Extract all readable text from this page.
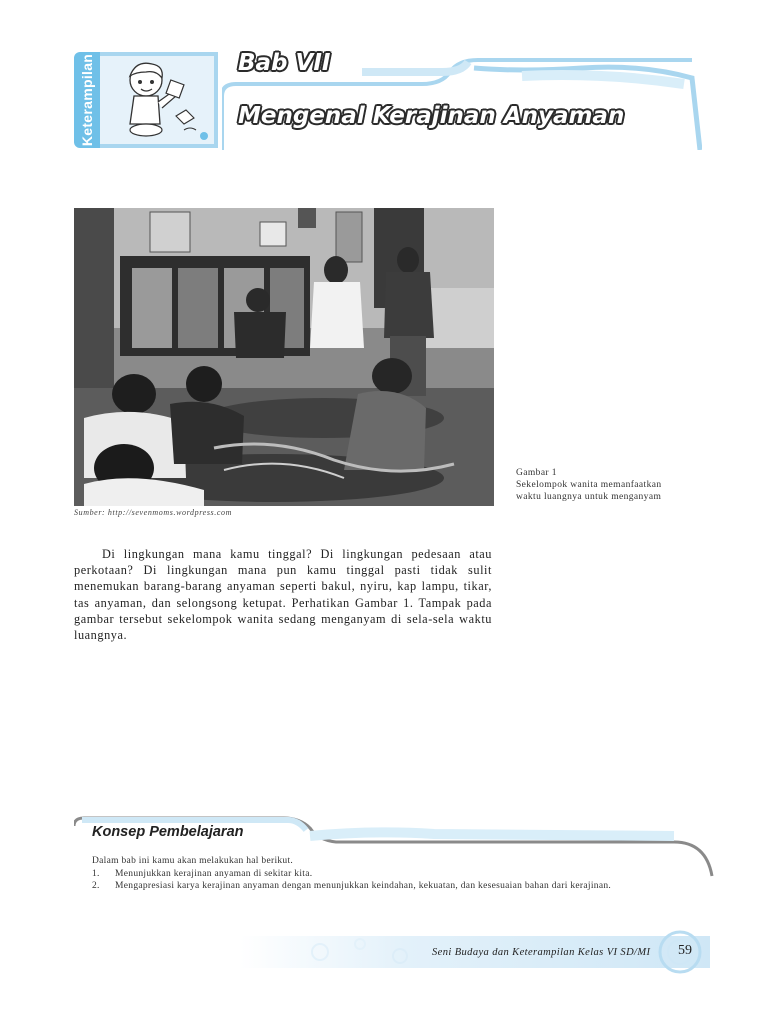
Keterampilan	Bab VII
Mengenal Kerajinan Anyaman
Sumber: http://sevenmoms.wordpress.com
Gambar 1
Sekelompok wanita memanfaatkan
waktu luangnya untuk menganyam
Di lingkungan mana kamu tinggal? Di lingkungan pedesaan atau perkotaan? Di lingkungan mana pun kamu tinggal pasti tidak sulit menemukan barang-barang anyaman seperti bakul, nyiru, kap lampu, tikar, tas anyaman, dan selongsong ketupat. Perhatikan Gambar 1. Tampak pada gambar tersebut sekelompok wanita sedang menganyam di sela-sela waktu luangnya.
Konsep Pembelajaran
Dalam bab ini kamu akan melakukan hal berikut.
1.	Menunjukkan kerajinan anyaman di sekitar kita.
2.	Mengapresiasi karya kerajinan anyaman dengan menunjukkan keindahan, kekuatan, dan kesesuaian bahan dari kerajinan.
Seni Budaya dan Keterampilan Kelas VI SD/MI 59
